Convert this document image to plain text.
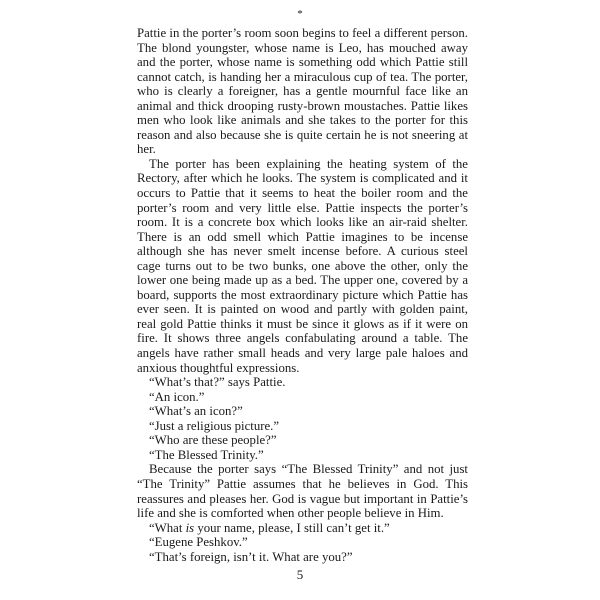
*

Pattie in the porter’s room soon begins to feel a different person. The blond youngster, whose name is Leo, has mouched away and the porter, whose name is something odd which Pattie still cannot catch, is handing her a miraculous cup of tea. The porter, who is clearly a foreigner, has a gentle mournful face like an animal and thick drooping rusty-brown moustaches. Pattie likes men who look like animals and she takes to the porter for this reason and also because she is quite certain he is not sneering at her.

The porter has been explaining the heating system of the Rectory, after which he looks. The system is complicated and it occurs to Pattie that it seems to heat the boiler room and the porter’s room and very little else. Pattie inspects the porter’s room. It is a concrete box which looks like an air-raid shelter. There is an odd smell which Pattie imagines to be incense although she has never smelt incense before. A curious steel cage turns out to be two bunks, one above the other, only the lower one being made up as a bed. The upper one, covered by a board, supports the most extraordinary picture which Pattie has ever seen. It is painted on wood and partly with golden paint, real gold Pattie thinks it must be since it glows as if it were on fire. It shows three angels confabulating around a table. The angels have rather small heads and very large pale haloes and anxious thoughtful expressions.

“What’s that?” says Pattie.

“An icon.”

“What’s an icon?”

“Just a religious picture.”

“Who are these people?”

“The Blessed Trinity.”

Because the porter says “The Blessed Trinity” and not just “The Trinity” Pattie assumes that he believes in God. This reassures and pleases her. God is vague but important in Pattie’s life and she is comforted when other people believe in Him.

“What is your name, please, I still can’t get it.”

“Eugene Peshkov.”

“That’s foreign, isn’t it. What are you?”

5
